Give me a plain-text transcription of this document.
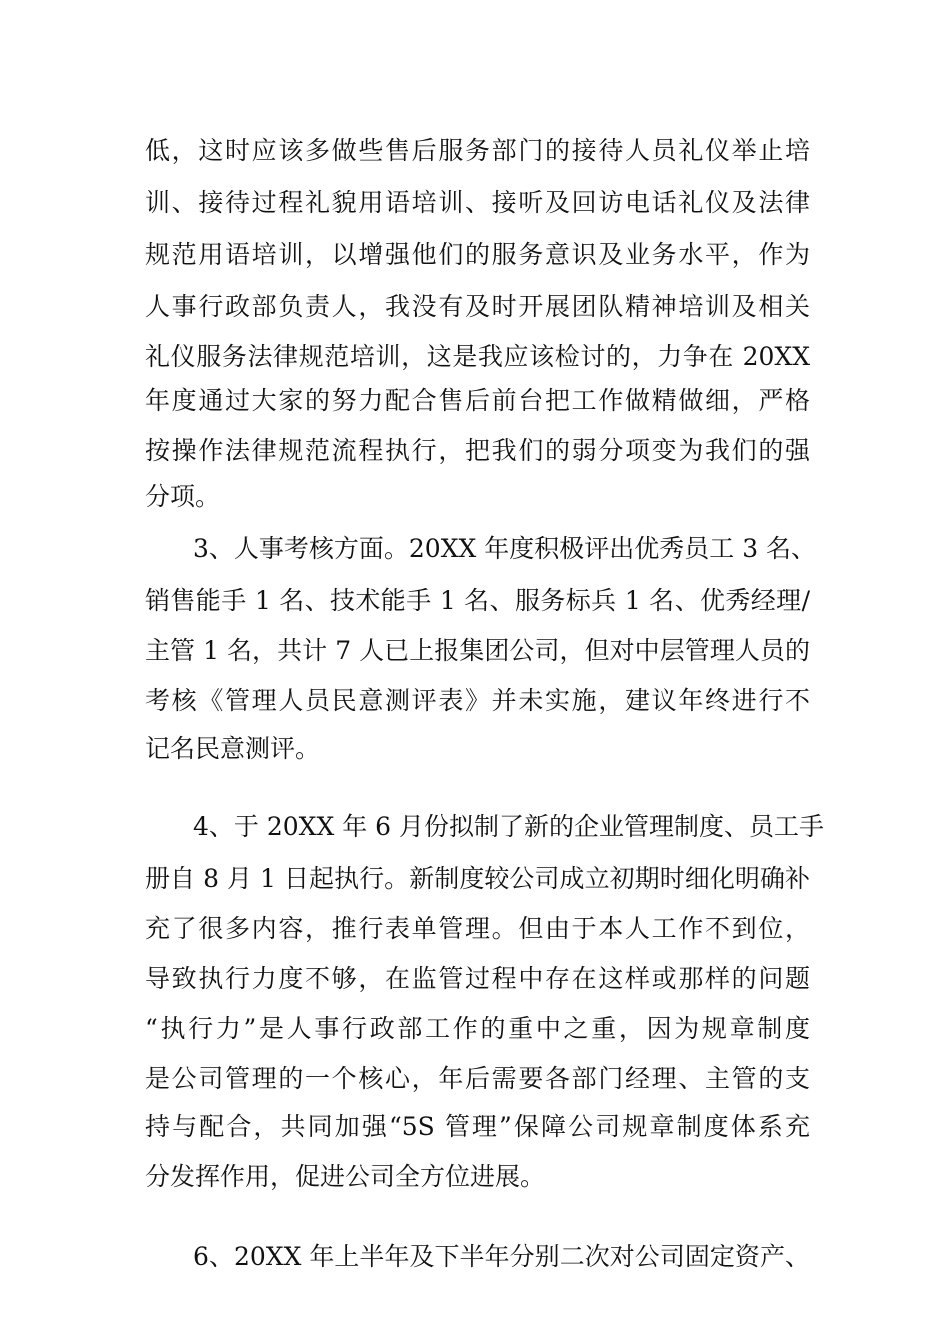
低，这时应该多做些售后服务部门的接待人员礼仪举止培
训、接待过程礼貌用语培训、接听及回访电话礼仪及法律
规范用语培训，以增强他们的服务意识及业务水平，作为
人事行政部负责人，我没有及时开展团队精神培训及相关
礼仪服务法律规范培训，这是我应该检讨的，力争在 20XX
年度通过大家的努力配合售后前台把工作做精做细，严格
按操作法律规范流程执行，把我们的弱分项变为我们的强
分项。
3、人事考核方面。20XX 年度积极评出优秀员工 3 名、
销售能手 1 名、技术能手 1 名、服务标兵 1 名、优秀经理/
主管 1 名，共计 7 人已上报集团公司，但对中层管理人员的
考核《管理人员民意测评表》并未实施，建议年终进行不
记名民意测评。
4、于 20XX 年 6 月份拟制了新的企业管理制度、员工手
册自 8 月 1 日起执行。新制度较公司成立初期时细化明确补
充了很多内容，推行表单管理。但由于本人工作不到位，
导致执行力度不够，在监管过程中存在这样或那样的问题
“执行力”是人事行政部工作的重中之重，因为规章制度
是公司管理的一个核心，年后需要各部门经理、主管的支
持与配合，共同加强“5S 管理”保障公司规章制度体系充
分发挥作用，促进公司全方位进展。
6、20XX 年上半年及下半年分别二次对公司固定资产、
